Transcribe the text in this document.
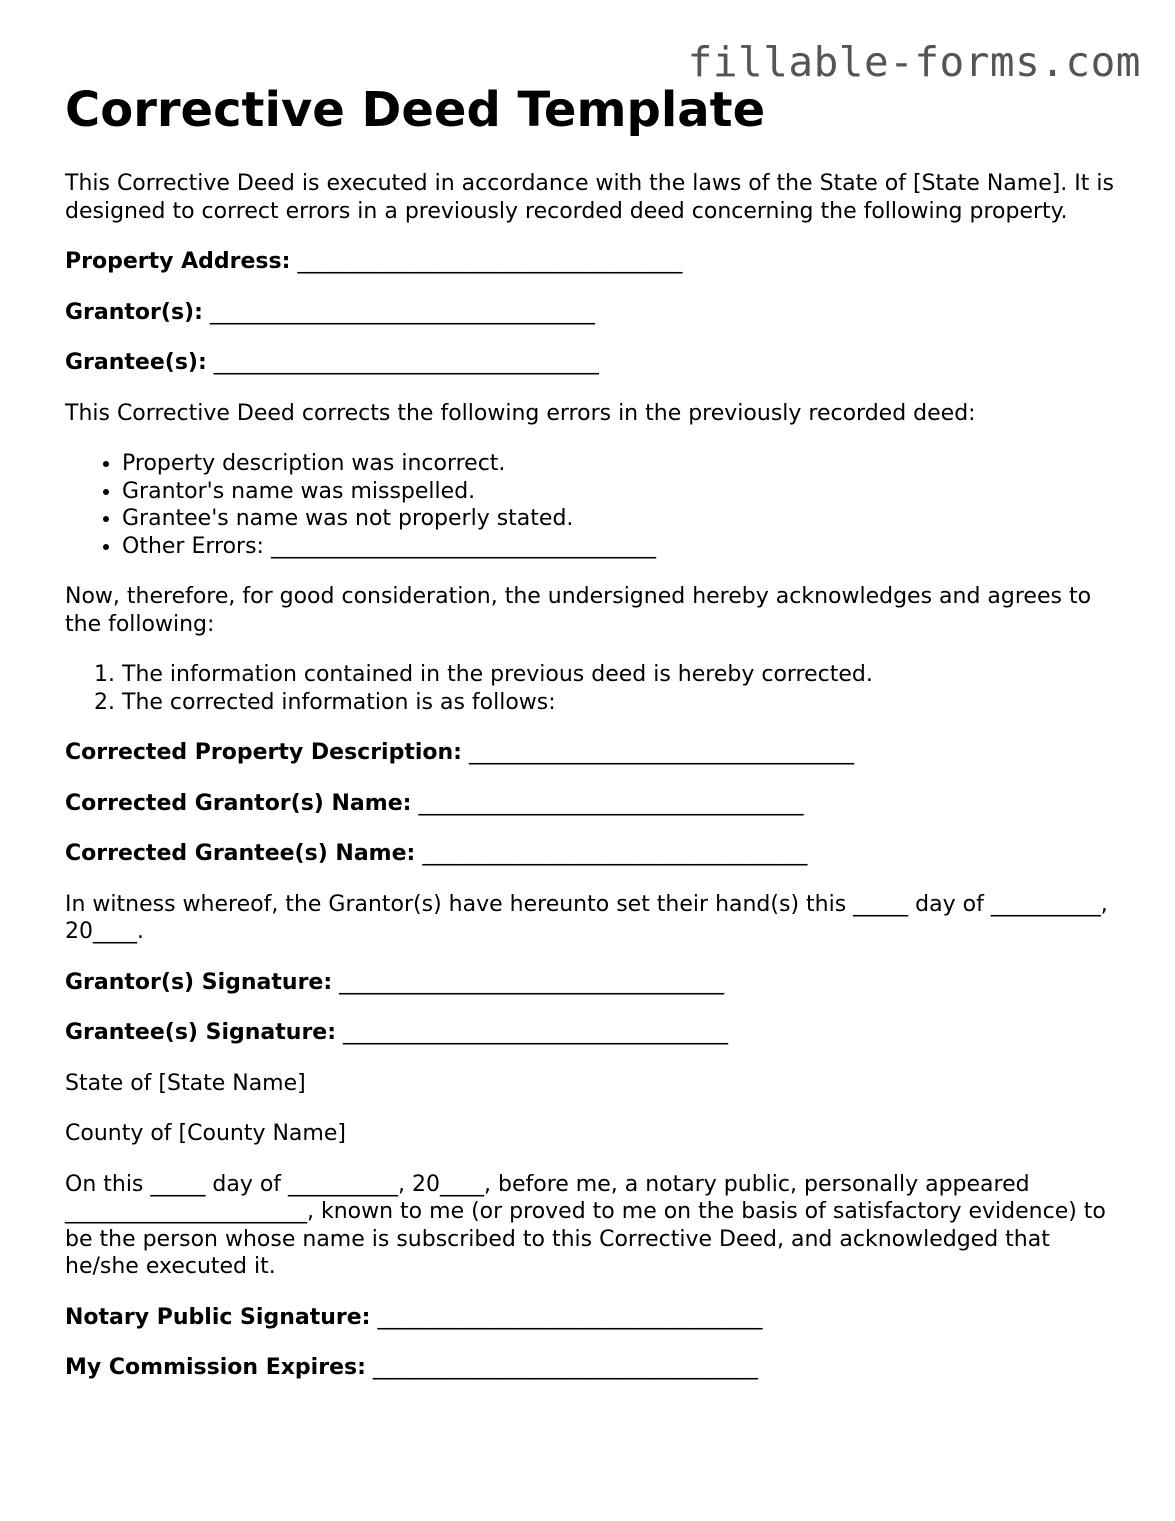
fillable-forms.com
Corrective Deed Template

This Corrective Deed is executed in accordance with the laws of the State of [State Name]. It is designed to correct errors in a previously recorded deed concerning the following property.

Property Address: ___________________________________

Grantor(s): ___________________________________

Grantee(s): ___________________________________

This Corrective Deed corrects the following errors in the previously recorded deed:

• Property description was incorrect.
• Grantor's name was misspelled.
• Grantee's name was not properly stated.
• Other Errors: ___________________________________

Now, therefore, for good consideration, the undersigned hereby acknowledges and agrees to the following:

1. The information contained in the previous deed is hereby corrected.
2. The corrected information is as follows:

Corrected Property Description: ___________________________________

Corrected Grantor(s) Name: ___________________________________

Corrected Grantee(s) Name: ___________________________________

In witness whereof, the Grantor(s) have hereunto set their hand(s) this _____ day of __________, 20____.

Grantor(s) Signature: ___________________________________

Grantee(s) Signature: ___________________________________

State of [State Name]

County of [County Name]

On this _____ day of __________, 20____, before me, a notary public, personally appeared ______________________, known to me (or proved to me on the basis of satisfactory evidence) to be the person whose name is subscribed to this Corrective Deed, and acknowledged that he/she executed it.

Notary Public Signature: ___________________________________

My Commission Expires: ___________________________________
